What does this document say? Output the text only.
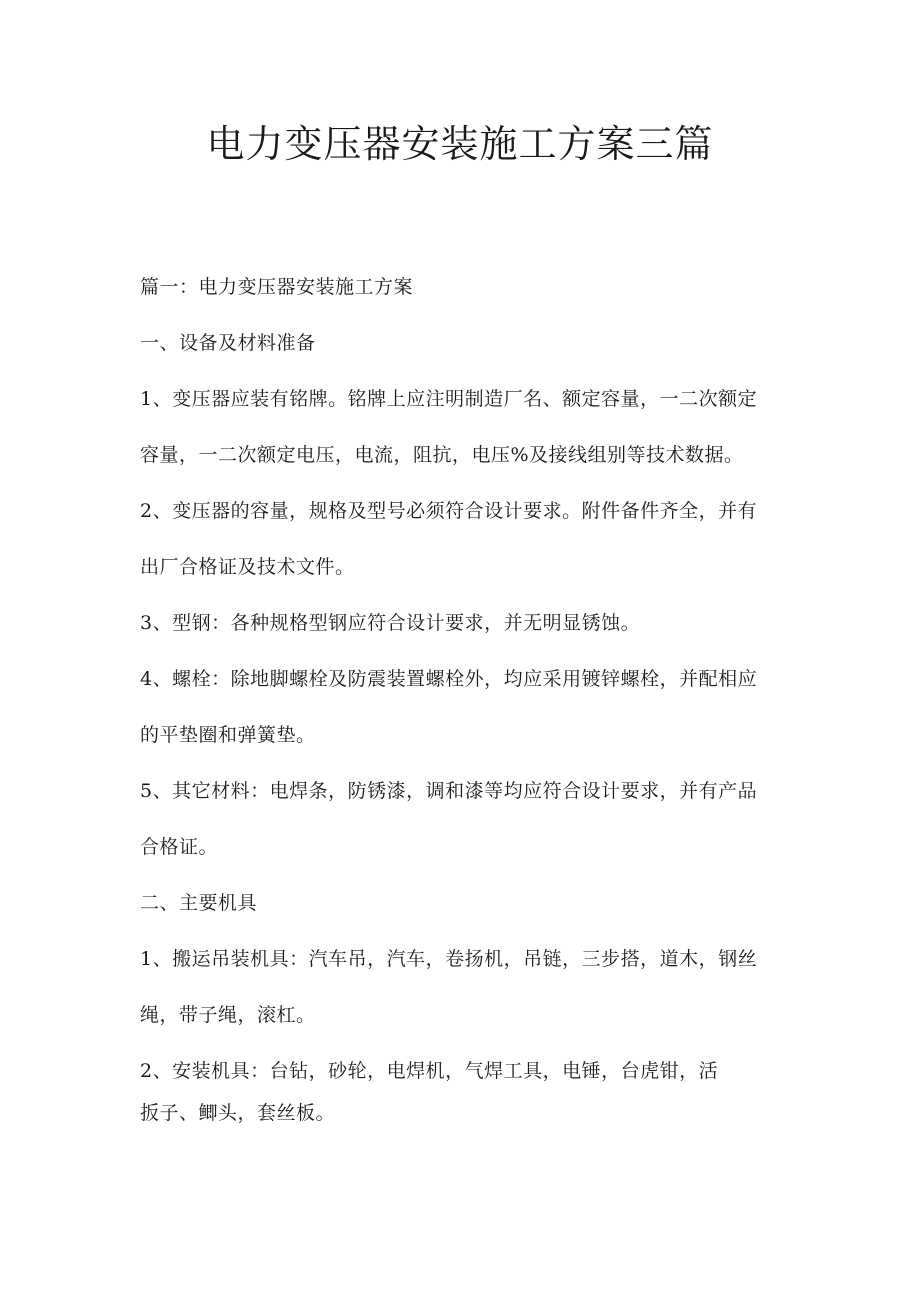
电力变压器安装施工方案三篇
篇一：电力变压器安装施工方案
一、设备及材料准备
1、变压器应装有铭牌。铭牌上应注明制造厂名、额定容量，一二次额定
容量，一二次额定电压，电流，阻抗，电压%及接线组别等技术数据。
2、变压器的容量，规格及型号必须符合设计要求。附件备件齐全，并有
出厂合格证及技术文件。
3、型钢：各种规格型钢应符合设计要求，并无明显锈蚀。
4、螺栓：除地脚螺栓及防震装置螺栓外，均应采用镀锌螺栓，并配相应
的平垫圈和弹簧垫。
5、其它材料：电焊条，防锈漆，调和漆等均应符合设计要求，并有产品
合格证。
二、主要机具
1、搬运吊装机具：汽车吊，汽车，卷扬机，吊链，三步搭，道木，钢丝
绳，带子绳，滚杠。
2、安装机具：台钻，砂轮，电焊机，气焊工具，电锤，台虎钳，活
扳子、鲫头，套丝板。
